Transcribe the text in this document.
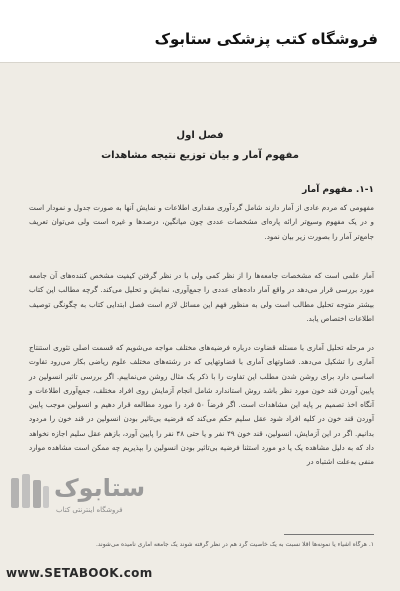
فروشگاه کتب پزشکی ستابوک
فصل اول
مفهوم آمار و بیان توزیع نتیجه مشاهدات
۱-۱. مفهوم آمار
مفهومی که مردم عادی از آمار دارند شامل گردآوری مقداری اطلاعات و نمایش آنها به صورت جدول و نمودار است و در یک مفهوم وسیع‌تر ارائه پاره‌ای مشخصات عددی چون میانگین، درصدها و غیره است ولی می‌توان تعریف جامع‌تر آمار را بصورت زیر بیان نمود.
آمار علمی است که مشخصات جامعه‌ها را از نظر کمی ولی با در نظر گرفتن کیفیت مشخص کننده‌های آن جامعه مورد بررسی قرار می‌دهد در واقع آمار داده‌های عددی را جمع‌آوری، نمایش و تحلیل می‌کند. گرچه مطالب این کتاب بیشتر متوجه تحلیل مطالب است ولی به منظور فهم این مسائل لازم است فصل ابتدایی کتاب به چگونگی توصیف اطلاعات اختصاص یابد.
در مرحله تحلیل آماری با مسئله قضاوت درباره فرضیه‌های مختلف مواجه می‌شویم که قسمت اصلی تئوری استنتاج آماری را تشکیل می‌دهد. قضاوتهای آماری با قضاوتهایی که در رشته‌های مختلف علوم ریاضی بکار می‌رود تفاوت اساسی دارد برای روشن شدن مطلب این تفاوت را با ذکر یک مثال روشن می‌نماییم. اگر بررسی تاثیر انسولین در پایین آوردن قند خون مورد نظر باشد روش استاندارد شامل انجام آزمایش روی افراد مختلف، جمع‌آوری اطلاعات و آنگاه اخذ تصمیم بر پایه این مشاهدات است. اگر فرضاً ۵۰ فرد را مورد مطالعه قرار دهیم و انسولین موجب پایین آوردن قند خون در کلیه افراد شود عقل سلیم حکم می‌کند که فرضیه بی‌تاثیر بودن انسولین در قند خون را مردود بدانیم. اگر در این آزمایش، انسولین، قند خون ۴۹ نفر و یا حتی ۴۸ نفر را پایین آورد، بازهم عقل سلیم اجازه نخواهد داد که به دلیل مشاهده یک یا دو مورد استثنا فرضیه بی‌تاثیر بودن انسولین را بپذیریم چه ممکن است مشاهده موارد منفی به‌علت اشتباه در
ستابوک
فروشگاه اینترنتی کتاب
۱. هرگاه اشیاء یا نمونه‌ها اقلا نسبت به یک خاصیت گرد هم در نظر گرفته شوند یک جامعه آماری نامیده می‌شوند.
www.SETABOOK.com
